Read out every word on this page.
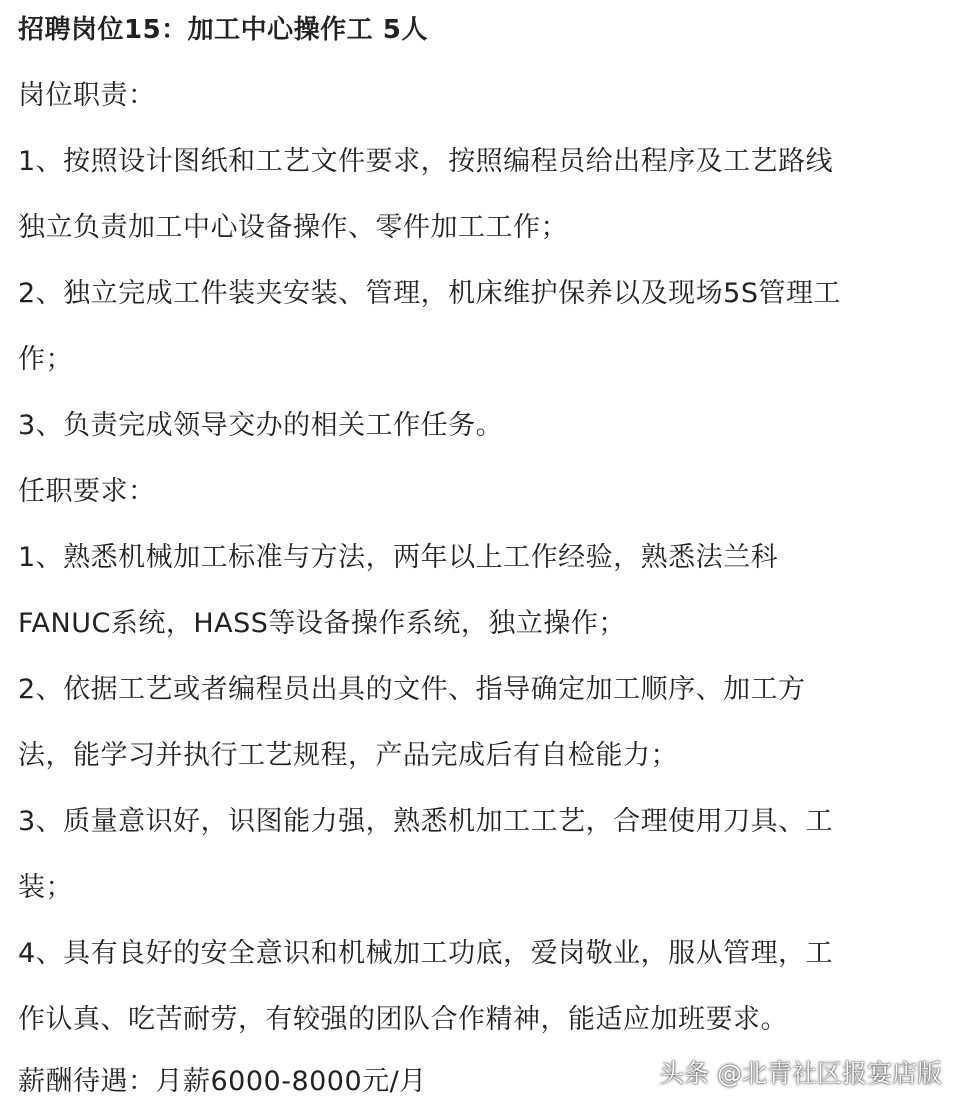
招聘岗位15：加工中心操作工 5人
岗位职责：
1、按照设计图纸和工艺文件要求，按照编程员给出程序及工艺路线
独立负责加工中心设备操作、零件加工工作；
2、独立完成工件装夹安装、管理，机床维护保养以及现场5S管理工
作；
3、负责完成领导交办的相关工作任务。
任职要求：
1、熟悉机械加工标准与方法，两年以上工作经验，熟悉法兰科
FANUC系统，HASS等设备操作系统，独立操作；
2、依据工艺或者编程员出具的文件、指导确定加工顺序、加工方
法，能学习并执行工艺规程，产品完成后有自检能力；
3、质量意识好，识图能力强，熟悉机加工工艺，合理使用刀具、工
装；
4、具有良好的安全意识和机械加工功底，爱岗敬业，服从管理，工
作认真、吃苦耐劳，有较强的团队合作精神，能适应加班要求。
薪酬待遇：月薪6000-8000元/月	头条 @北青社区报宴店版
